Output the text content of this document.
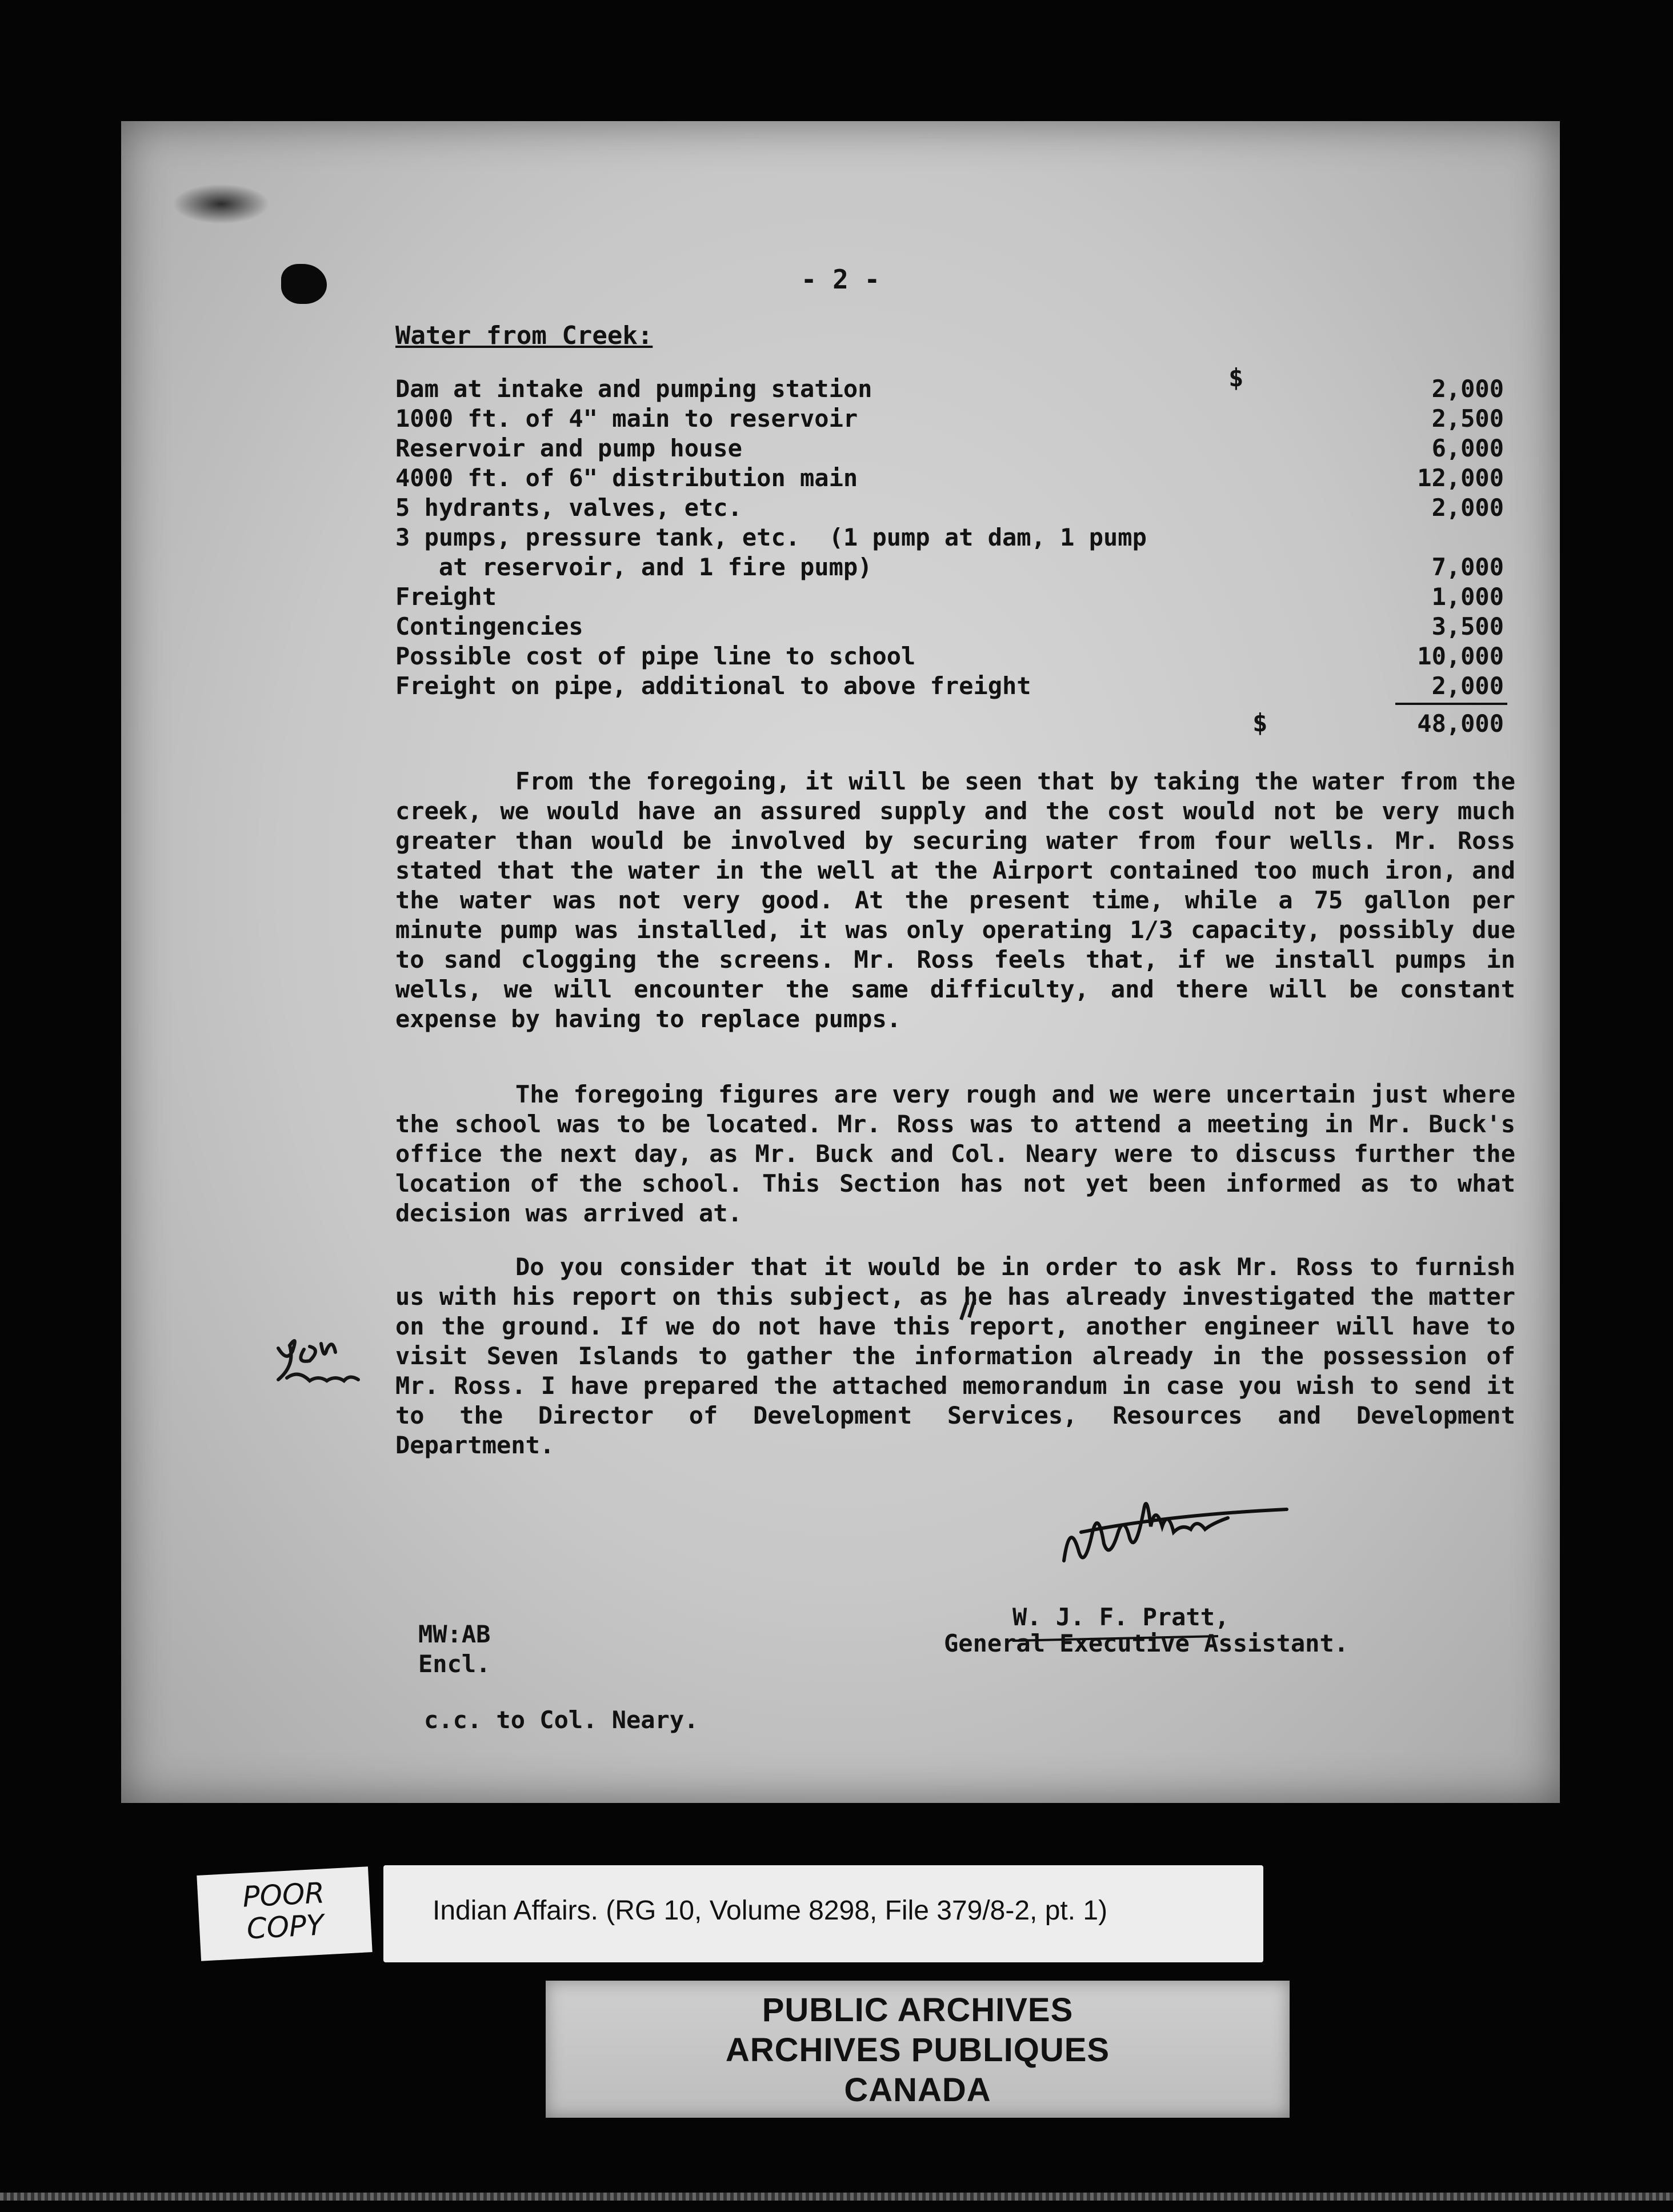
- 2 -
Water from Creek:
$
Dam at intake and pumping station	2,000
1000 ft. of 4" main to reservoir	2,500
Reservoir and pump house	6,000
4000 ft. of 6" distribution main	12,000
5 hydrants, valves, etc.	2,000
3 pumps, pressure tank, etc.  (1 pump at dam, 1 pump
at reservoir, and 1 fire pump)	7,000
Freight	1,000
Contingencies	3,500
Possible cost of pipe line to school	10,000
Freight on pipe, additional to above freight	2,000
$	48,000

From the foregoing, it will be seen that by taking the water from the creek, we would have an assured supply and the cost would not be very much greater than would be involved by securing water from four wells. Mr. Ross stated that the water in the well at the Airport contained too much iron, and the water was not very good. At the present time, while a 75 gallon per minute pump was installed, it was only operating 1/3 capacity, possibly due to sand clogging the screens. Mr. Ross feels that, if we install pumps in wells, we will encounter the same difficulty, and there will be constant expense by having to replace pumps.

The foregoing figures are very rough and we were uncertain just where the school was to be located. Mr. Ross was to attend a meeting in Mr. Buck's office the next day, as Mr. Buck and Col. Neary were to discuss further the location of the school. This Section has not yet been informed as to what decision was arrived at.

Do you consider that it would be in order to ask Mr. Ross to furnish us with his report on this subject, as he has already investigated the matter on the ground. If we do not have this report, another engineer will have to visit Seven Islands to gather the information already in the possession of Mr. Ross. I have prepared the attached memorandum in case you wish to send it to the Director of Development Services, Resources and Development Department.

W. J. F. Pratt,
General Executive Assistant.
MW:AB
Encl.
c.c. to Col. Neary.
POOR
COPY	Indian Affairs. (RG 10, Volume 8298, File 379/8-2, pt. 1)
PUBLIC ARCHIVES
ARCHIVES PUBLIQUES
CANADA
